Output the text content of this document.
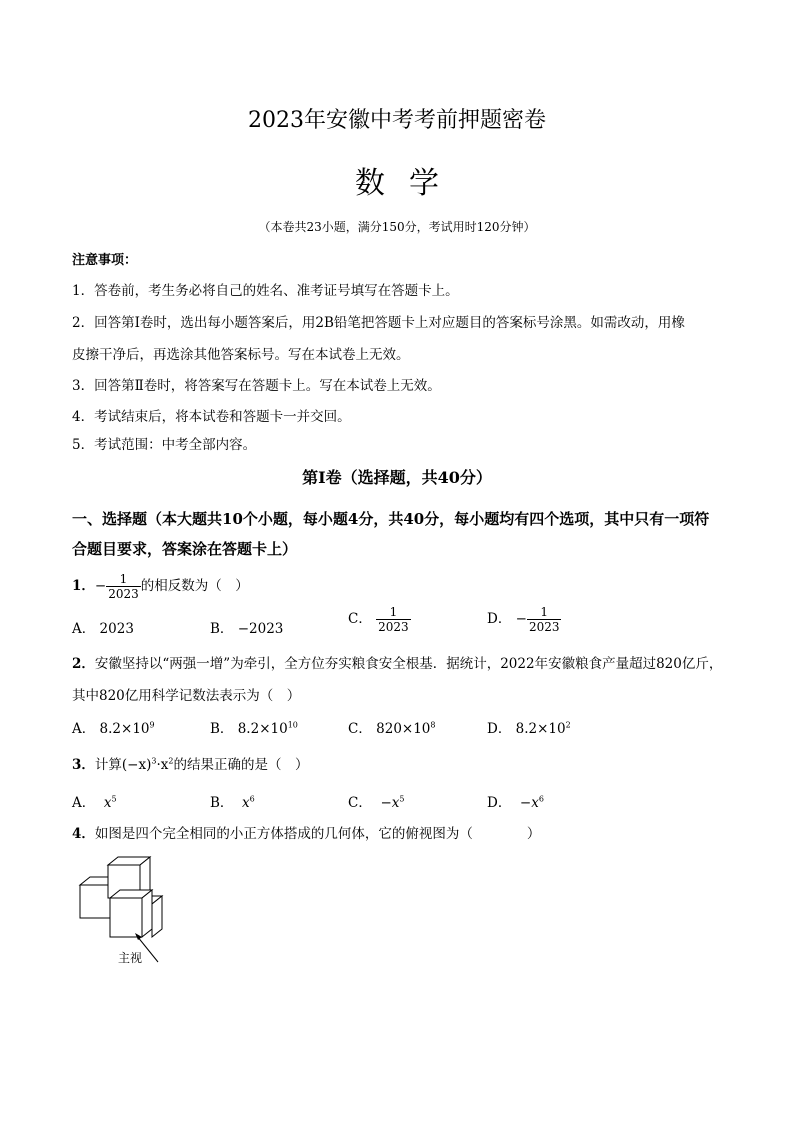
2023年安徽中考考前押题密卷
数学
（本卷共23小题，满分150分，考试用时120分钟）
注意事项：
1．答卷前，考生务必将自己的姓名、准考证号填写在答题卡上。
2．回答第Ⅰ卷时，选出每小题答案后，用2B铅笔把答题卡上对应题目的答案标号涂黑。如需改动，用橡
皮擦干净后，再选涂其他答案标号。写在本试卷上无效。
3．回答第Ⅱ卷时，将答案写在答题卡上。写在本试卷上无效。
4．考试结束后，将本试卷和答题卡一并交回。
5．考试范围：中考全部内容。
第Ⅰ卷（选择题，共40分）
一、选择题（本大题共10个小题，每小题4分，共40分，每小题均有四个选项，其中只有一项符合题目要求，答案涂在答题卡上）
1．− $\frac{1}{2023}$ 的相反数为（　）
A． 2023	B． −2023
C． $\frac{1}{2023}$	D． − $\frac{1}{2023}$
2．安徽坚持以“两强一增”为牵引，全方位夯实粮食安全根基．据统计，2022年安徽粮食产量超过820亿斤，
其中820亿用科学记数法表示为（　）
A． $8.2\times 10^9$	B． $8.2\times 10^{10}$	C． $820\times 10^8$	D． $8.2\times 10^2$
3．计算$(-x)^3\cdot x^2$的结果正确的是（　）
A． $x^5$	B． $x^6$	C． $-x^5$	D． $-x^6$
4．如图是四个完全相同的小正方体搭成的几何体，它的俯视图为（　　　　）
主视
